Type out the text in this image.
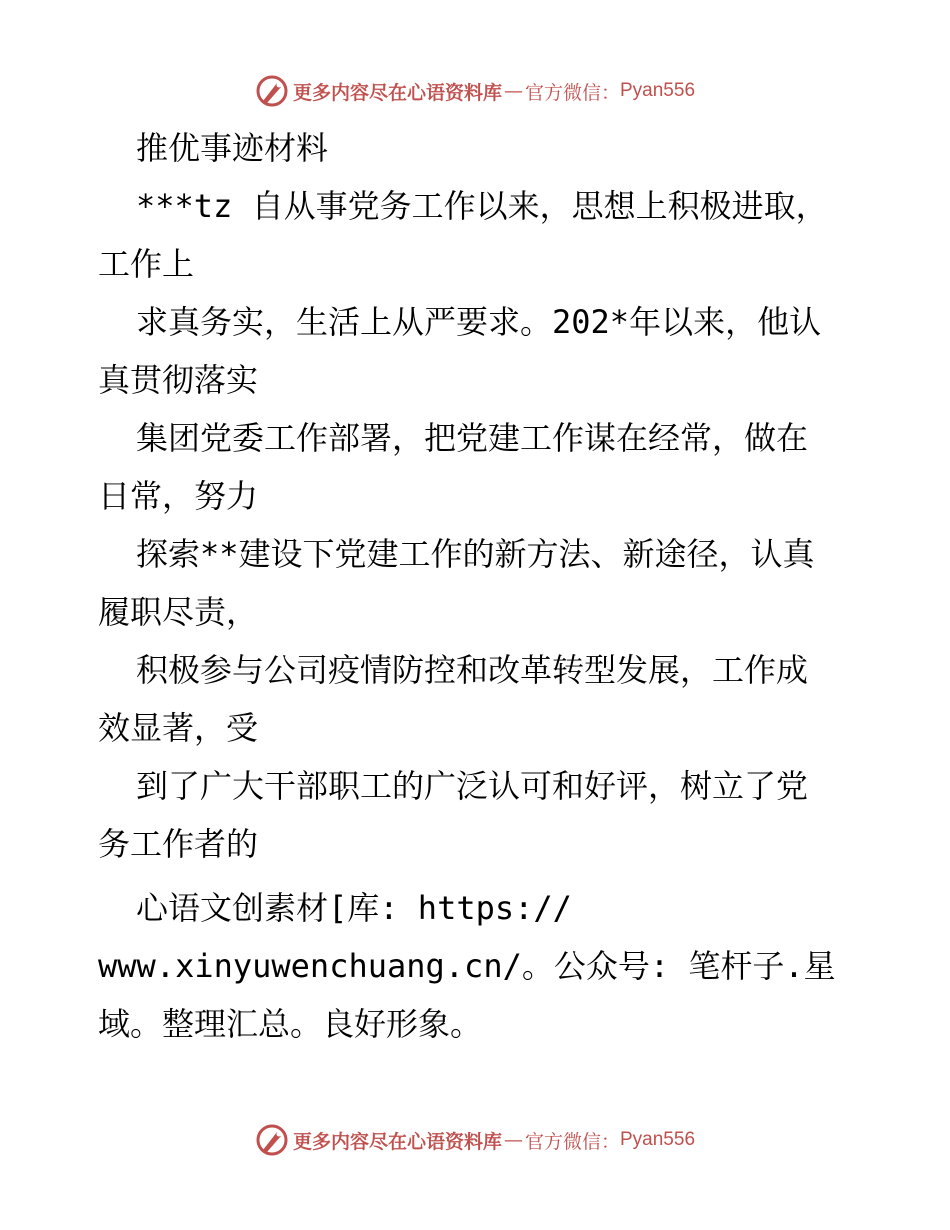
更多内容尽在心语资料库 — 官方微信： Pyan556
推优事迹材料
***tz 自从事党务工作以来，思想上积极进取，
工作上
求真务实，生活上从严要求。202*年以来，他认
真贯彻落实
集团党委工作部署，把党建工作谋在经常，做在
日常，努力
探索**建设下党建工作的新方法、新途径，认真
履职尽责，
积极参与公司疫情防控和改革转型发展，工作成
效显著，受
到了广大干部职工的广泛认可和好评，树立了党
务工作者的
心语文创素材[库: https://
www.xinyuwenchuang.cn/。公众号: 笔杆子.星
域。整理汇总。良好形象。
更多内容尽在心语资料库 — 官方微信： Pyan556
